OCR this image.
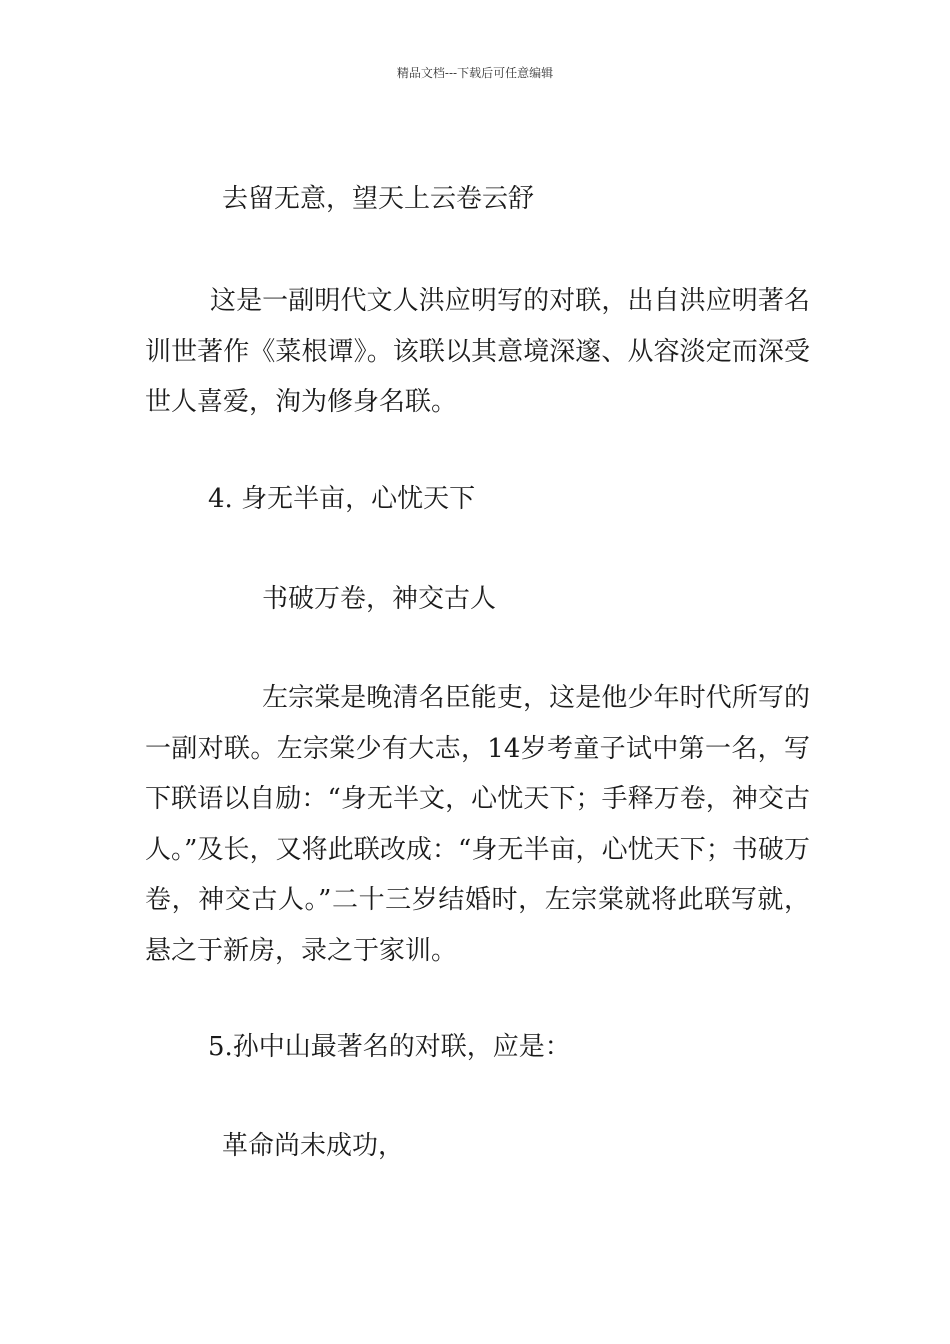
精品文档---下载后可任意编辑
去留无意，望天上云卷云舒
这是一副明代文人洪应明写的对联，出自洪应明著名训世著作《菜根谭》。该联以其意境深邃、从容淡定而深受世人喜爱，洵为修身名联。
4. 身无半亩，心忧天下
书破万卷，神交古人
左宗棠是晚清名臣能吏，这是他少年时代所写的一副对联。左宗棠少有大志，14岁考童子试中第一名，写下联语以自励：“身无半文，心忧天下；手释万卷，神交古人。”及长，又将此联改成：“身无半亩，心忧天下；书破万卷，神交古人。”二十三岁结婚时，左宗棠就将此联写就，悬之于新房，录之于家训。
5.孙中山最著名的对联，应是：
革命尚未成功，
